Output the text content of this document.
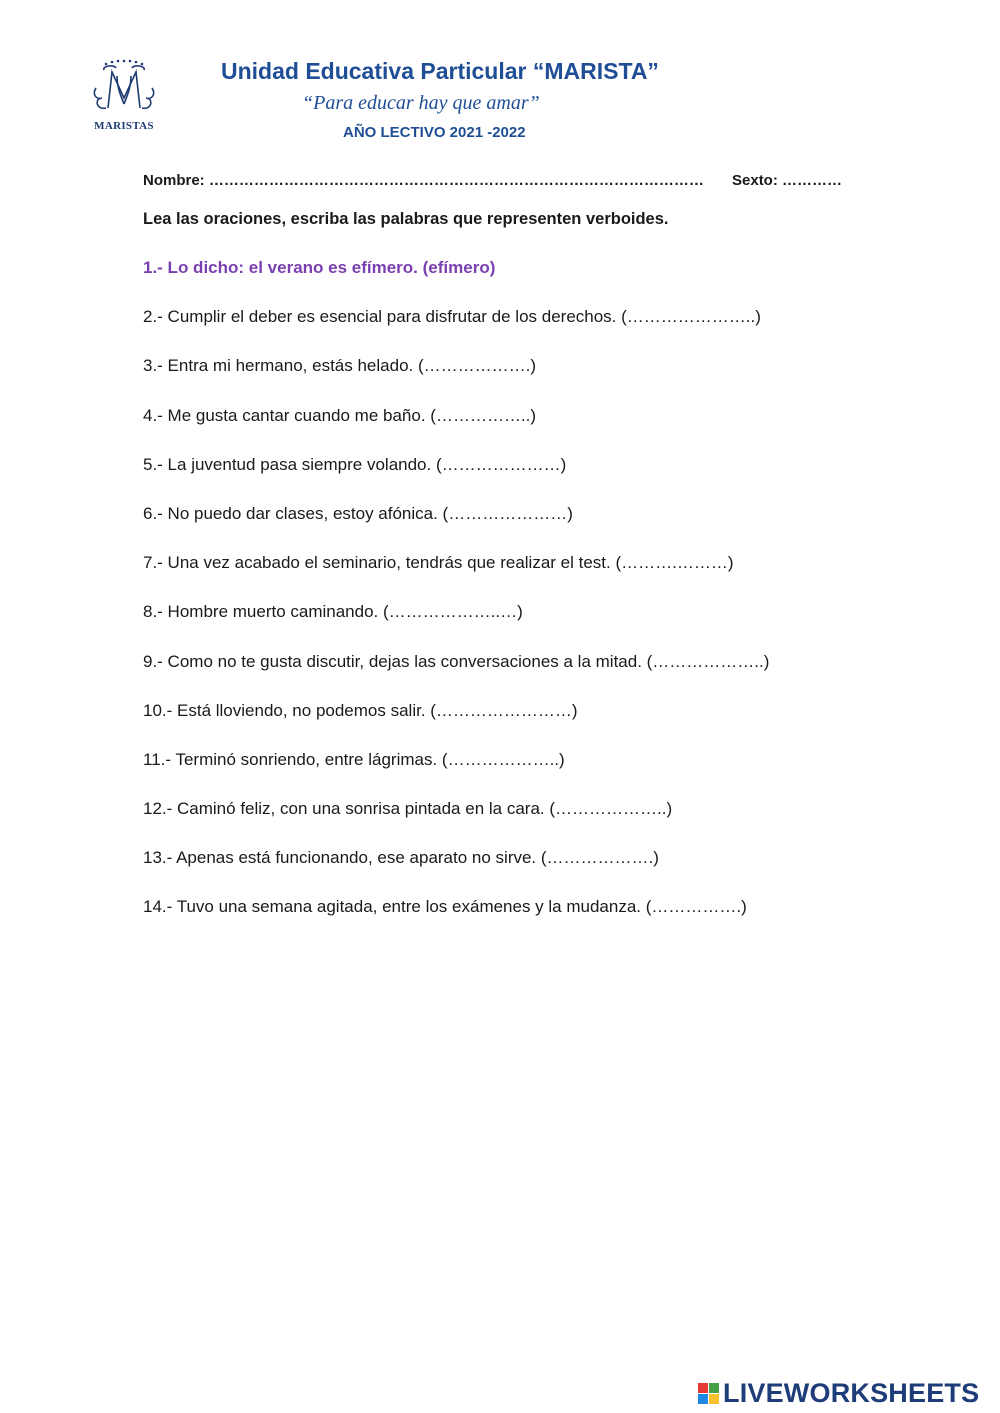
MARISTAS
Unidad Educativa Particular “MARISTA”
“Para educar hay que amar”
AÑO LECTIVO 2021 -2022
Nombre: ……………………………………………………………………………………… Sexto: …………
Lea las oraciones, escriba las palabras que representen verboides.
1.- Lo dicho: el verano es efímero. (efímero)
2.- Cumplir el deber es esencial para disfrutar de los derechos. (…………………..)
3.- Entra mi hermano, estás helado. (……………….)
4.- Me gusta cantar cuando me baño. (……………..)
5.- La juventud pasa siempre volando. (…………………)
6.- No puedo dar clases, estoy afónica. (…………………)
7.- Una vez acabado el seminario, tendrás que realizar el test. (……….………)
8.- Hombre muerto caminando. (………………..…)
9.- Como no te gusta discutir, dejas las conversaciones a la mitad. (………………..)
10.- Está lloviendo, no podemos salir. (……………………)
11.- Terminó sonriendo, entre lágrimas. (………………..)
12.- Caminó feliz, con una sonrisa pintada en la cara. (………………..)
13.- Apenas está funcionando, ese aparato no sirve. (……………….)
14.- Tuvo una semana agitada, entre los exámenes y la mudanza. (…………….)
LIVEWORKSHEETS
